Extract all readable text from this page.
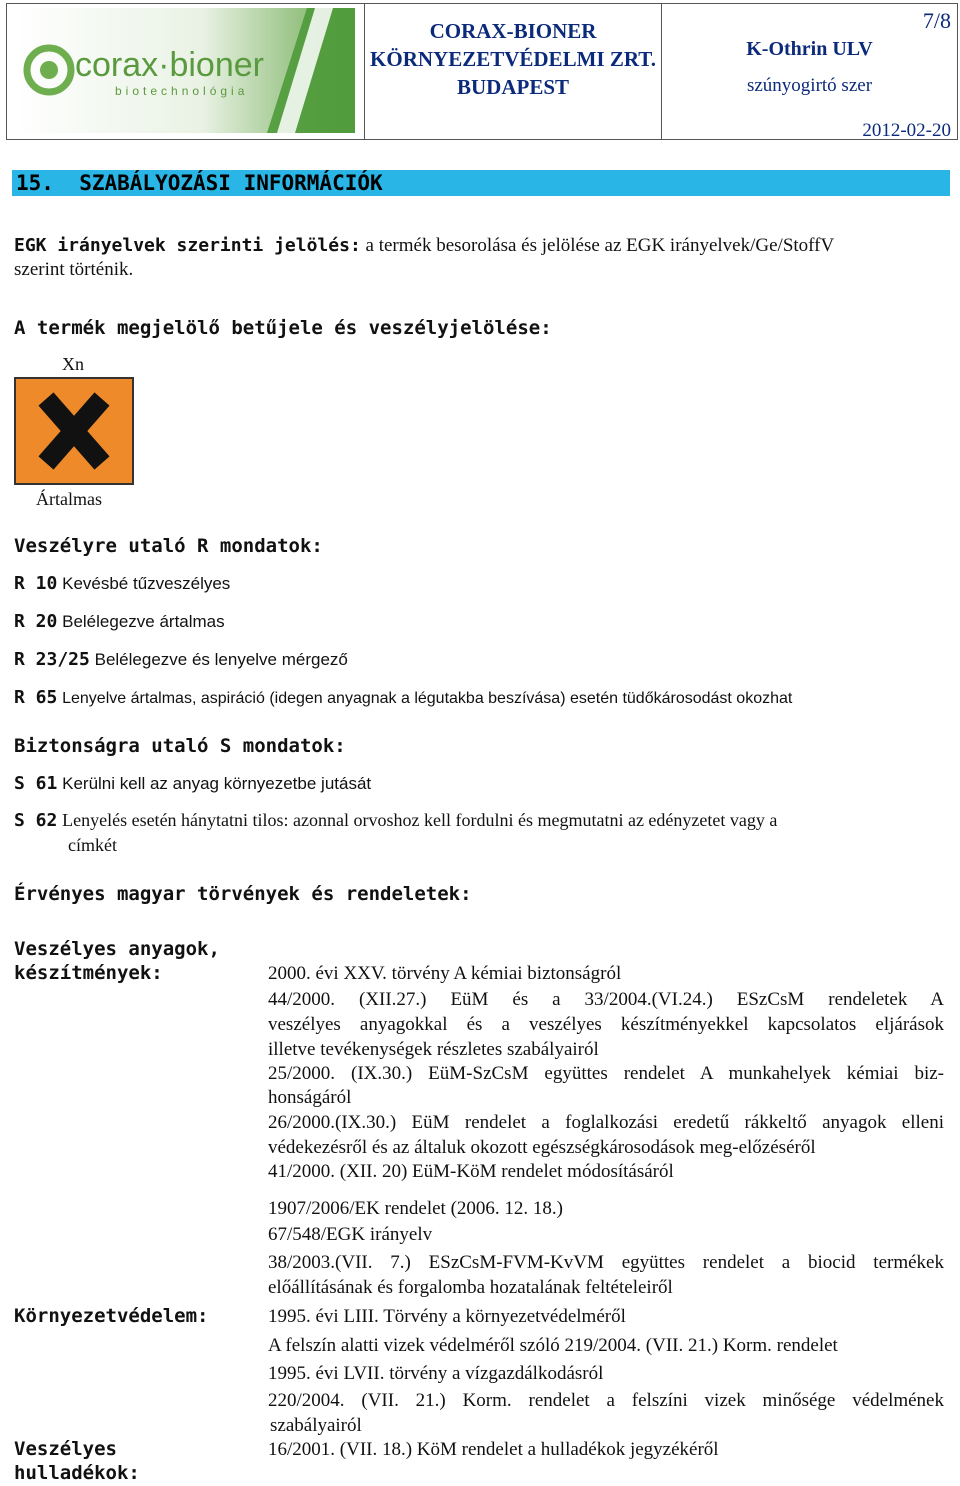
corax·bioner
biotechnológia
CORAX-BIONER
KÖRNYEZETVÉDELMI ZRT.
BUDAPEST
7/8
K-Othrin ULV
szúnyogirtó szer
2012-02-20
15.  SZABÁLYOZÁSI INFORMÁCIÓK
EGK irányelvek szerinti jelölés: a termék besorolása és jelölése az EGK irányelvek/Ge/StoffV
szerint történik.
A termék megjelölő betűjele és veszélyjelölése:
Xn
Ártalmas
Veszélyre utaló R mondatok:
R 10 Kevésbé tűzveszélyes
R 20 Belélegezve ártalmas
R 23/25 Belélegezve és lenyelve mérgező
R 65 Lenyelve ártalmas, aspiráció (idegen anyagnak a légutakba beszívása) esetén tüdőkárosodást okozhat
Biztonságra utaló S mondatok:
S 61 Kerülni kell az anyag környezetbe jutását
S 62 Lenyelés esetén hánytatni tilos: azonnal orvoshoz kell fordulni és megmutatni az edényzetet vagy a
címkét
Érvényes magyar törvények és rendeletek:
Veszélyes anyagok,
készítmények:
Környezetvédelem:
Veszélyes
hulladékok:
2000. évi XXV. törvény A kémiai biztonságról
44/2000. (XII.27.) EüM és a 33/2004.(VI.24.) ESzCsM rendeletek A
veszélyes anyagokkal és a veszélyes készítményekkel kapcsolatos eljárások
illetve tevékenységek részletes szabályairól
25/2000. (IX.30.) EüM-SzCsM együttes rendelet A munkahelyek kémiai biz-
honságáról
26/2000.(IX.30.) EüM rendelet a foglalkozási eredetű rákkeltő anyagok elleni
védekezésről és az általuk okozott egészségkárosodások meg-előzéséről
41/2000. (XII. 20) EüM-KöM rendelet módosításáról
1907/2006/EK rendelet (2006. 12. 18.)
67/548/EGK irányelv
38/2003.(VII. 7.) ESzCsM-FVM-KvVM együttes rendelet a biocid termékek
előállításának és forgalomba hozatalának feltételeiről
1995. évi LIII. Törvény a környezetvédelméről
A felszín alatti vizek védelméről szóló 219/2004. (VII. 21.) Korm. rendelet
1995. évi LVII. törvény a vízgazdálkodásról
220/2004. (VII. 21.) Korm. rendelet a felszíni vizek minősége védelmének
szabályairól
16/2001. (VII. 18.) KöM rendelet a hulladékok jegyzékéről
